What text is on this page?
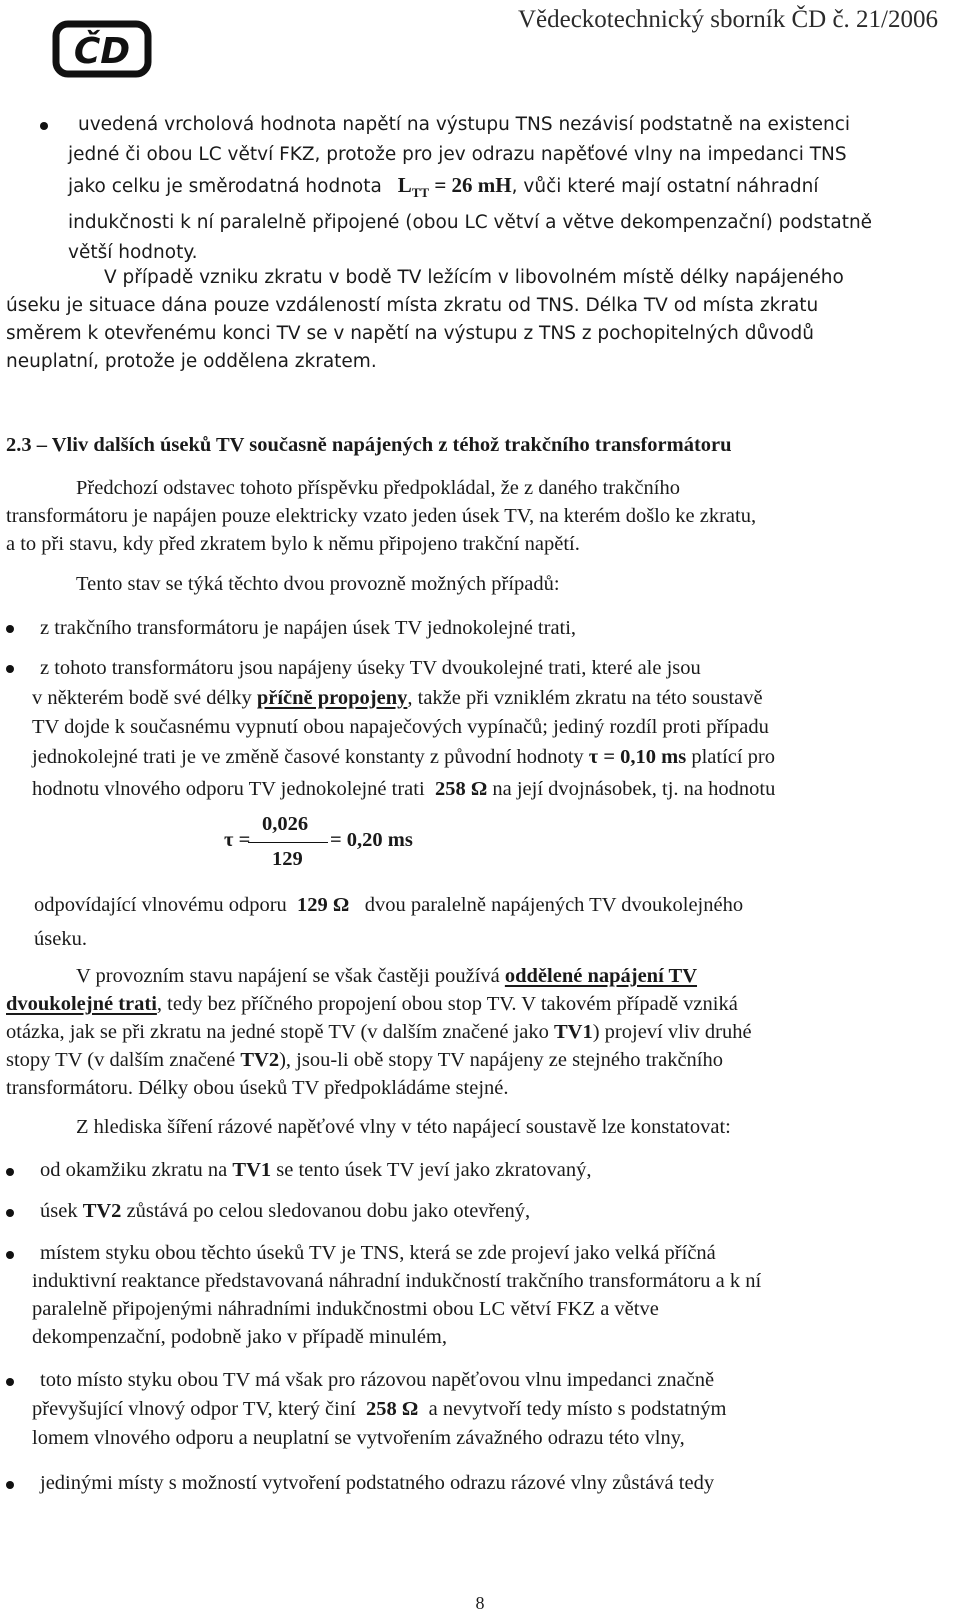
ČD
Vědeckotechnický sborník ČD č. 21/2006
uvedená vrcholová hodnota napětí na výstupu TNS nezávisí podstatně na existenci
jedné či obou LC větví FKZ, protože pro jev odrazu napěťové vlny na impedanci TNS
jako celku je směrodatná hodnota $L_{TT} = 26$ mH, vůči které mají ostatní náhradní
indukčnosti k ní paralelně připojené (obou LC větví a větve dekompenzační) podstatně
větší hodnoty.
V případě vzniku zkratu v bodě TV ležícím v libovolném místě délky napájeného
úseku je situace dána pouze vzdáleností místa zkratu od TNS. Délka TV od místa zkratu
směrem k otevřenému konci TV se v napětí na výstupu z TNS z pochopitelných důvodů
neuplatní, protože je oddělena zkratem.
2.3 – Vliv dalších úseků TV současně napájených z téhož trakčního transformátoru
Předchozí odstavec tohoto příspěvku předpokládal, že z daného trakčního
transformátoru je napájen pouze elektricky vzato jeden úsek TV, na kterém došlo ke zkratu,
a to při stavu, kdy před zkratem bylo k němu připojeno trakční napětí.
Tento stav se týká těchto dvou provozně možných případů:
z trakčního transformátoru je napájen úsek TV jednokolejné trati,
z tohoto transformátoru jsou napájeny úseky TV dvoukolejné trati, které ale jsou
v některém bodě své délky příčně propojeny, takže při vzniklém zkratu na této soustavě
TV dojde k současnému vypnutí obou napaječových vypínačů; jediný rozdíl proti případu
jednokolejné trati je ve změně časové konstanty z původní hodnoty τ = 0,10 ms platící pro
hodnotu vlnového odporu TV jednokolejné trati 258 Ω na její dvojnásobek, tj. na hodnotu
τ =
0,026
129
= 0,20 ms
odpovídající vlnovému odporu 129 Ω dvou paralelně napájených TV dvoukolejného
úseku.
V provozním stavu napájení se však častěji používá oddělené napájení TV
dvoukolejné trati, tedy bez příčného propojení obou stop TV. V takovém případě vzniká
otázka, jak se při zkratu na jedné stopě TV (v dalším značené jako TV1) projeví vliv druhé
stopy TV (v dalším značené TV2), jsou-li obě stopy TV napájeny ze stejného trakčního
transformátoru. Délky obou úseků TV předpokládáme stejné.
Z hlediska šíření rázové napěťové vlny v této napájecí soustavě lze konstatovat:
od okamžiku zkratu na TV1 se tento úsek TV jeví jako zkratovaný,
úsek TV2 zůstává po celou sledovanou dobu jako otevřený,
místem styku obou těchto úseků TV je TNS, která se zde projeví jako velká příčná
induktivní reaktance představovaná náhradní indukčností trakčního transformátoru a k ní
paralelně připojenými náhradními indukčnostmi obou LC větví FKZ a větve
dekompenzační, podobně jako v případě minulém,
toto místo styku obou TV má však pro rázovou napěťovou vlnu impedanci značně
převyšující vlnový odpor TV, který činí 258 Ω a nevytvoří tedy místo s podstatným
lomem vlnového odporu a neuplatní se vytvořením závažného odrazu této vlny,
jedinými místy s možností vytvoření podstatného odrazu rázové vlny zůstává tedy
8
